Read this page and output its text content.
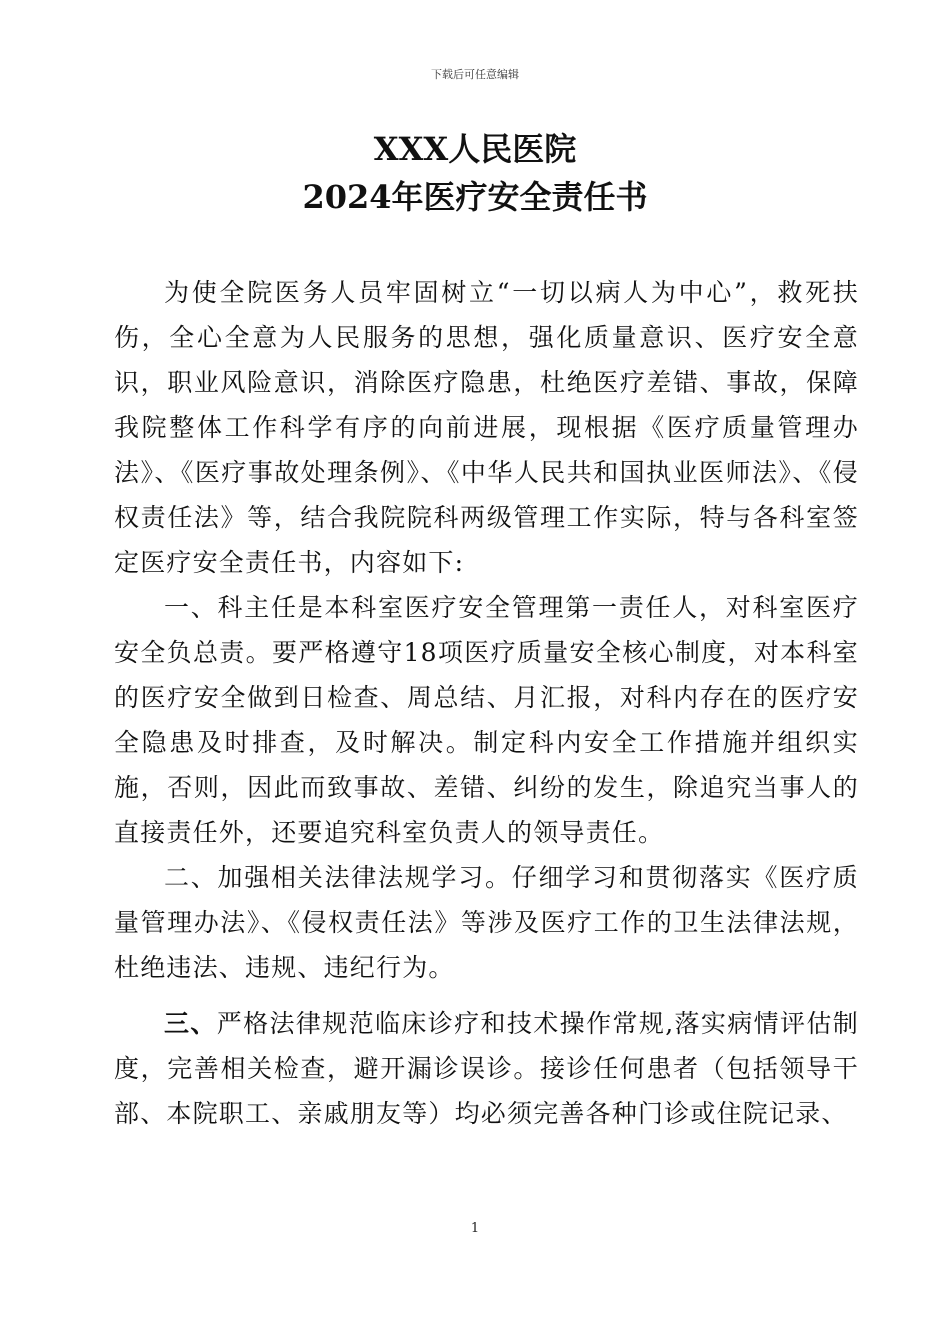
下载后可任意编辑
XXX人民医院
2024年医疗安全责任书

为使全院医务人员牢固树立“一切以病人为中心”，救死扶伤，全心全意为人民服务的思想，强化质量意识、医疗安全意识，职业风险意识，消除医疗隐患，杜绝医疗差错、事故，保障我院整体工作科学有序的向前进展，现根据《医疗质量管理办法》、《医疗事故处理条例》、《中华人民共和国执业医师法》、《侵权责任法》等，结合我院院科两级管理工作实际，特与各科室签定医疗安全责任书，内容如下:

一、科主任是本科室医疗安全管理第一责任人，对科室医疗安全负总责。要严格遵守18项医疗质量安全核心制度，对本科室的医疗安全做到日检查、周总结、月汇报，对科内存在的医疗安全隐患及时排查，及时解决。制定科内安全工作措施并组织实施，否则，因此而致事故、差错、纠纷的发生，除追究当事人的直接责任外，还要追究科室负责人的领导责任。

二、加强相关法律法规学习。仔细学习和贯彻落实《医疗质量管理办法》、《侵权责任法》等涉及医疗工作的卫生法律法规，杜绝违法、违规、违纪行为。

三、严格法律规范临床诊疗和技术操作常规,落实病情评估制度，完善相关检查，避开漏诊误诊。接诊任何患者（包括领导干部、本院职工、亲戚朋友等）均必须完善各种门诊或住院记录、

1
